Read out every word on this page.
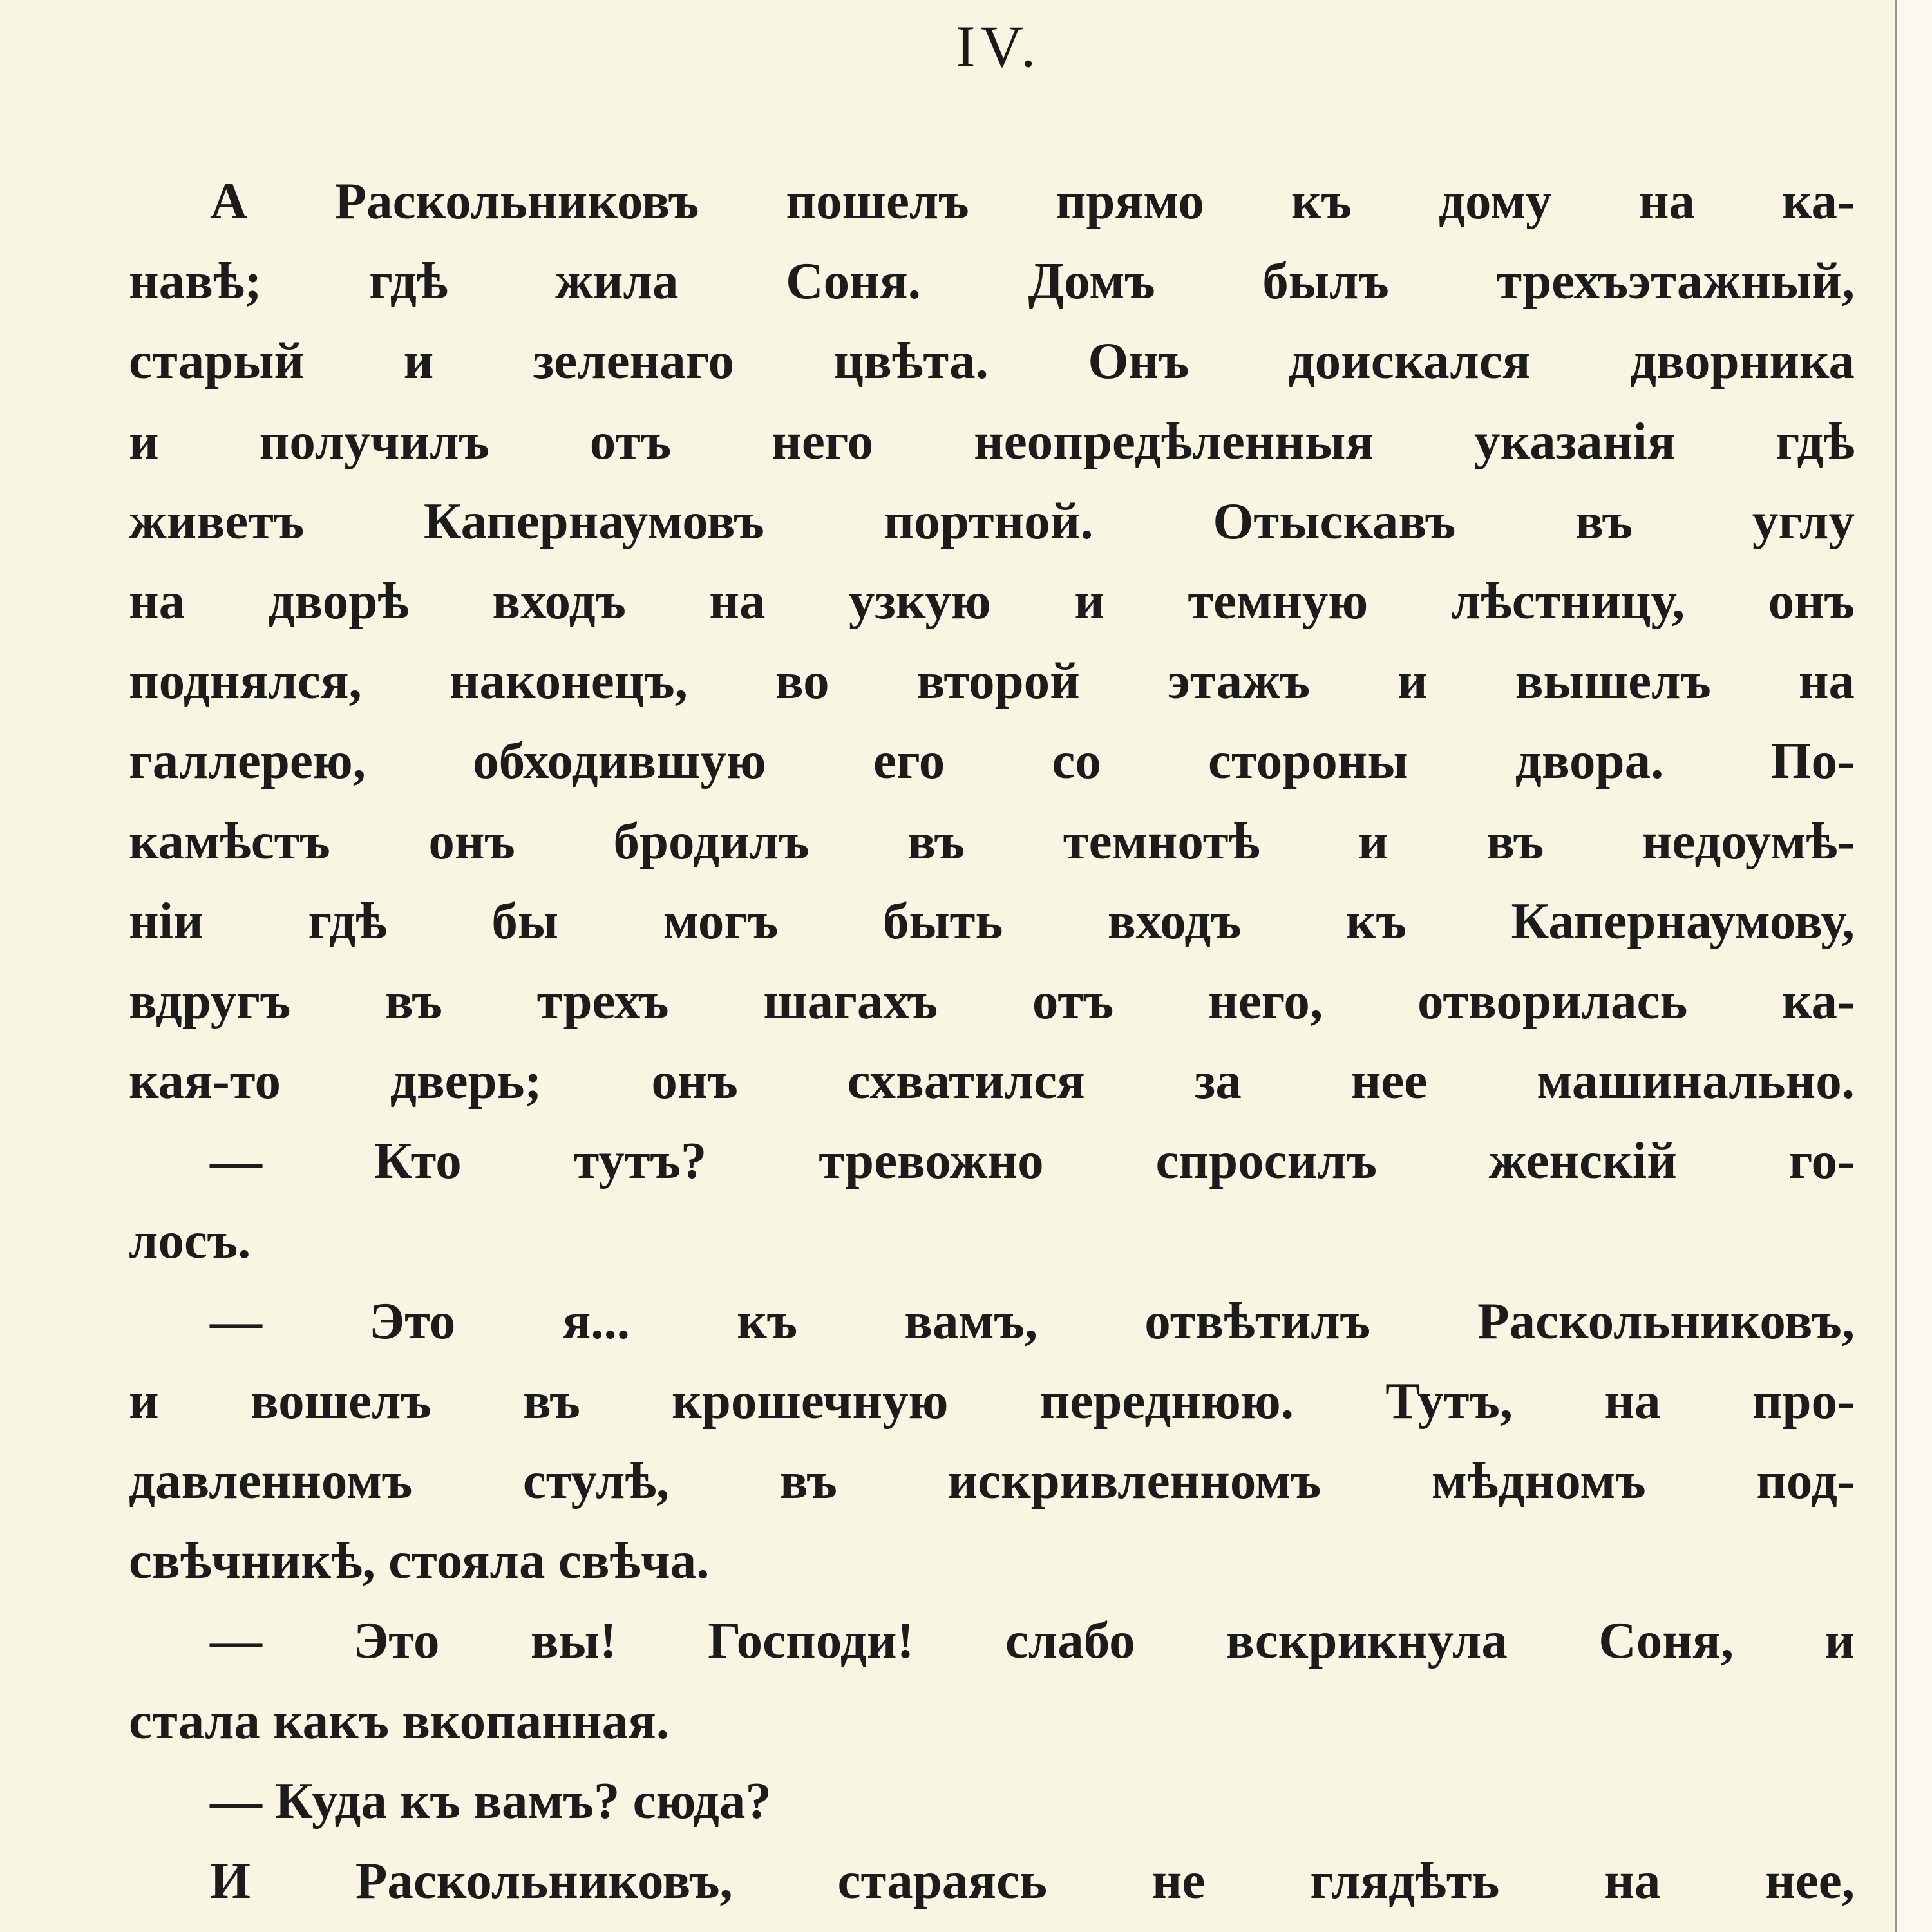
IV.
А Раскольниковъ пошелъ прямо къ дому на ка-
навѣ; гдѣ жила Соня. Домъ былъ трехъэтажный,
старый и зеленаго цвѣта. Онъ доискался дворника
и получилъ отъ него неопредѣленныя указанія гдѣ
живетъ Капернаумовъ портной. Отыскавъ въ углу
на дворѣ входъ на узкую и темную лѣстницу, онъ
поднялся, наконецъ, во второй этажъ и вышелъ на
галлерею, обходившую его со стороны двора. По-
камѣстъ онъ бродилъ въ темнотѣ и въ недоумѣ-
ніи гдѣ бы могъ быть входъ къ Капернаумову,
вдругъ въ трехъ шагахъ отъ него, отворилась ка-
кая-то дверь; онъ схватился за нее машинально.
— Кто тутъ? тревожно спросилъ женскій го-
лосъ.
— Это я... къ вамъ, отвѣтилъ Раскольниковъ,
и вошелъ въ крошечную переднюю. Тутъ, на про-
давленномъ стулѣ, въ искривленномъ мѣдномъ под-
свѣчникѣ, стояла свѣча.
— Это вы! Господи! слабо вскрикнула Соня, и
стала какъ вкопанная.
— Куда къ вамъ? сюда?
И Раскольниковъ, стараясь не глядѣть на нее,
